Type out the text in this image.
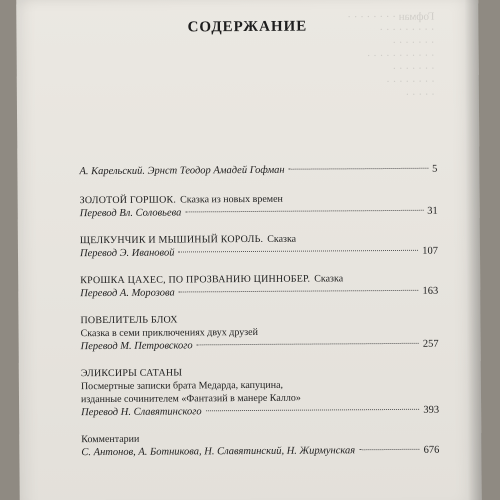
Гофман · · · · · · · ·
· · · · · · · · ·
· · · · · · ·
· · · · · · · · · · ·
· · · · · · ·
· · · · · · · ·
· · · · ·
СОДЕРЖАНИЕ
А. Карельский. Эрнст Теодор Амадей Гофман	5
ЗОЛОТОЙ ГОРШОК. Сказка из новых времен
Перевод Вл. Соловьева	31
ЩЕЛКУНЧИК И МЫШИНЫЙ КОРОЛЬ. Сказка
Перевод Э. Ивановой	107
КРОШКА ЦАХЕС, ПО ПРОЗВАНИЮ ЦИННОБЕР. Сказка
Перевод А. Морозова	163
ПОВЕЛИТЕЛЬ БЛОХ
Сказка в семи приключениях двух друзей
Перевод М. Петровского	257
ЭЛИКСИРЫ САТАНЫ
Посмертные записки брата Медарда, капуцина,
изданные сочинителем «Фантазий в манере Калло»
Перевод Н. Славятинского	393
Комментарии
С. Антонов, А. Ботникова, Н. Славятинский, Н. Жирмунская	676
